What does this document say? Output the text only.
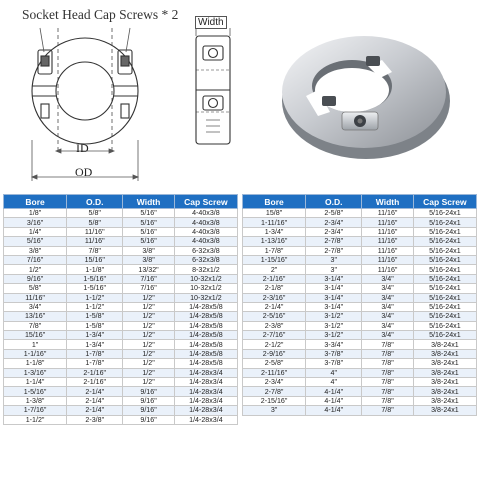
Socket Head Cap Screws * 2
Width
ID
OD
Bore	O.D.	Width	Cap Screw
1/8"	5/8"	5/16"	4-40x3/8
3/16"	5/8"	5/16"	4-40x3/8
1/4"	11/16"	5/16"	4-40x3/8
5/16"	11/16"	5/16"	4-40x3/8
3/8"	7/8"	3/8"	6-32x3/8
7/16"	15/16"	3/8"	6-32x3/8
1/2"	1-1/8"	13/32"	8-32x1/2
9/16"	1-5/16"	7/16"	10-32x1/2
5/8"	1-5/16"	7/16"	10-32x1/2
11/16"	1-1/2"	1/2"	10-32x1/2
3/4"	1-1/2"	1/2"	1/4-28x5/8
13/16"	1-5/8"	1/2"	1/4-28x5/8
7/8"	1-5/8"	1/2"	1/4-28x5/8
15/16"	1-3/4"	1/2"	1/4-28x5/8
1"	1-3/4"	1/2"	1/4-28x5/8
1-1/16"	1-7/8"	1/2"	1/4-28x5/8
1-1/8"	1-7/8"	1/2"	1/4-28x5/8
1-3/16"	2-1/16"	1/2"	1/4-28x3/4
1-1/4"	2-1/16"	1/2"	1/4-28x3/4
1-5/16"	2-1/4"	9/16"	1/4-28x3/4
1-3/8"	2-1/4"	9/16"	1/4-28x3/4
1-7/16"	2-1/4"	9/16"	1/4-28x3/4
1-1/2"	2-3/8"	9/16"	1/4-28x3/4
Bore	O.D.	Width	Cap Screw
15/8"	2-5/8"	11/16"	5/16-24x1
1-11/16"	2-3/4"	11/16"	5/16-24x1
1-3/4"	2-3/4"	11/16"	5/16-24x1
1-13/16"	2-7/8"	11/16"	5/16-24x1
1-7/8"	2-7/8"	11/16"	5/16-24x1
1-15/16"	3"	11/16"	5/16-24x1
2"	3"	11/16"	5/16-24x1
2-1/16"	3-1/4"	3/4"	5/16-24x1
2-1/8"	3-1/4"	3/4"	5/16-24x1
2-3/16"	3-1/4"	3/4"	5/16-24x1
2-1/4"	3-1/4"	3/4"	5/16-24x1
2-5/16"	3-1/2"	3/4"	5/16-24x1
2-3/8"	3-1/2"	3/4"	5/16-24x1
2-7/16"	3-1/2"	3/4"	5/16-24x1
2-1/2"	3-3/4"	7/8"	3/8-24x1
2-9/16"	3-7/8"	7/8"	3/8-24x1
2-5/8"	3-7/8"	7/8"	3/8-24x1
2-11/16"	4"	7/8"	3/8-24x1
2-3/4"	4"	7/8"	3/8-24x1
2-7/8"	4-1/4"	7/8"	3/8-24x1
2-15/16"	4-1/4"	7/8"	3/8-24x1
3"	4-1/4"	7/8"	3/8-24x1
